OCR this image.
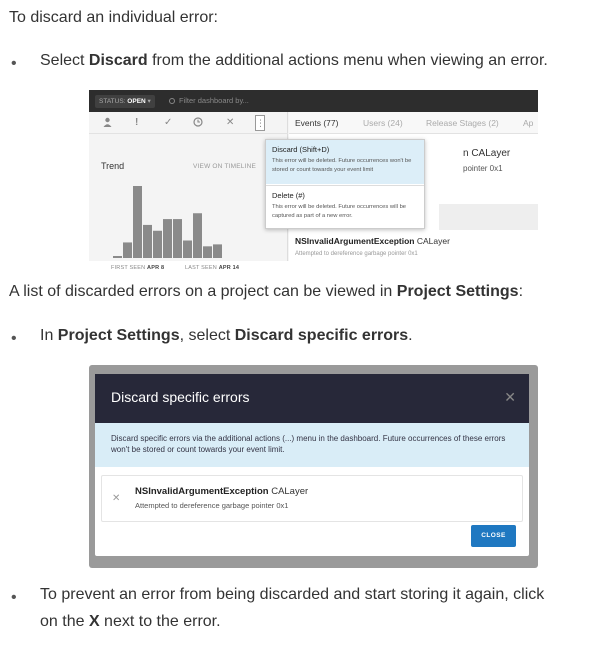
To discard an individual error:
• Select Discard from the additional actions menu when viewing an error.
STATUS: OPEN ▾	Filter dashboard by...
!	✓	✕ ⋮
Trend	VIEW ON TIMELINE
FIRST SEEN APR 8	LAST SEEN APR 14
Events (77)	Users (24)	Release Stages (2)	Ap
n CALayer
pointer 0x1
NSInvalidArgumentException CALayer
Attempted to dereference garbage pointer 0x1
Discard (Shift+D)
This error will be deleted. Future occurrences won't be stored or count towards your event limit
Delete (#)
This error will be deleted. Future occurrences will be captured as part of a new error.
A list of discarded errors on a project can be viewed in Project Settings:
• In Project Settings, select Discard specific errors.
Discard specific errors	✕
Discard specific errors via the additional actions (...) menu in the dashboard. Future occurrences of these errors won't be stored or count towards your event limit.
✕
NSInvalidArgumentException CALayer
Attempted to dereference garbage pointer 0x1
CLOSE
• To prevent an error from being discarded and start storing it again, click
on the X next to the error.
